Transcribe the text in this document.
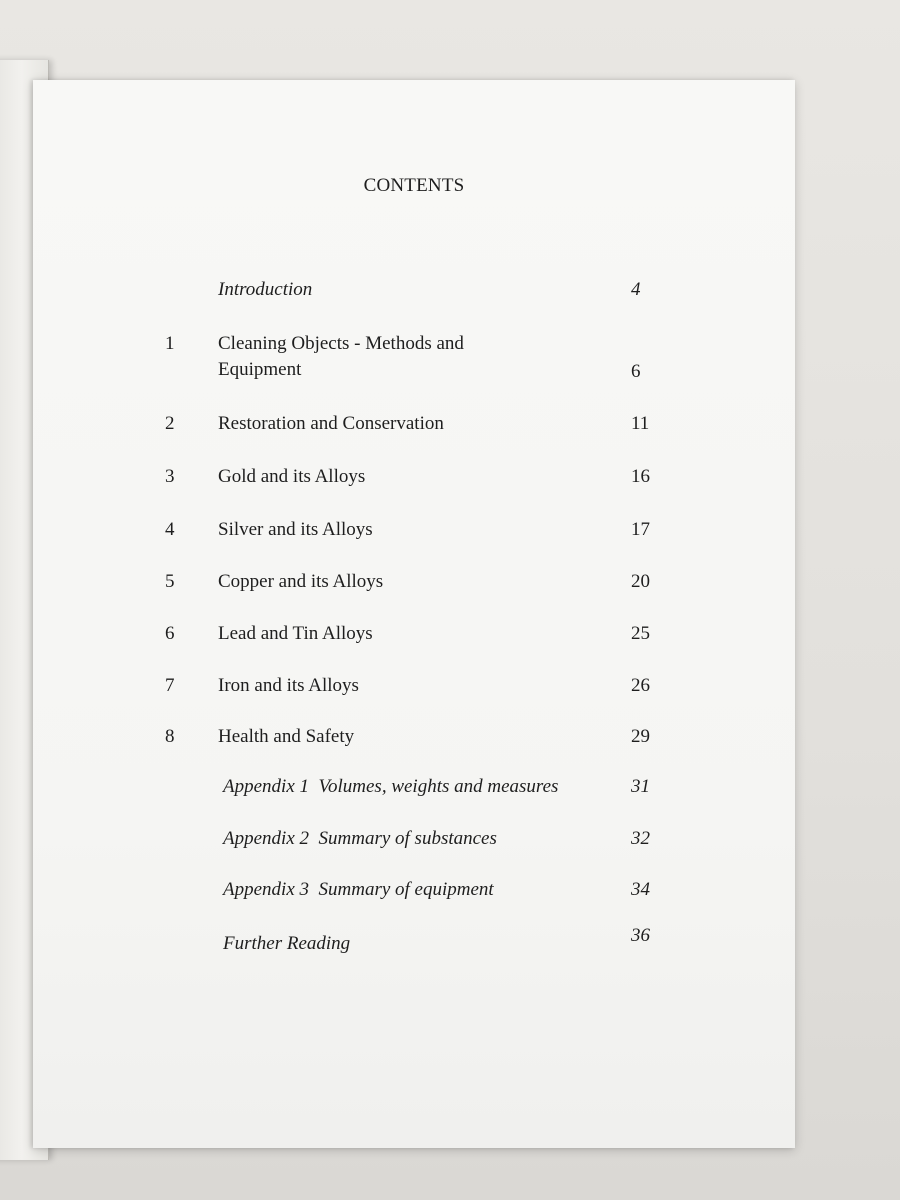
CONTENTS
Introduction	4
1	Cleaning Objects - Methods and Equipment	6
2	Restoration and Conservation	11
3	Gold and its Alloys	16
4	Silver and its Alloys	17
5	Copper and its Alloys	20
6	Lead and Tin Alloys	25
7	Iron and its Alloys	26
8	Health and Safety	29
Appendix 1  Volumes, weights and measures	31
Appendix 2  Summary of substances	32
Appendix 3  Summary of equipment	34
Further Reading	36
